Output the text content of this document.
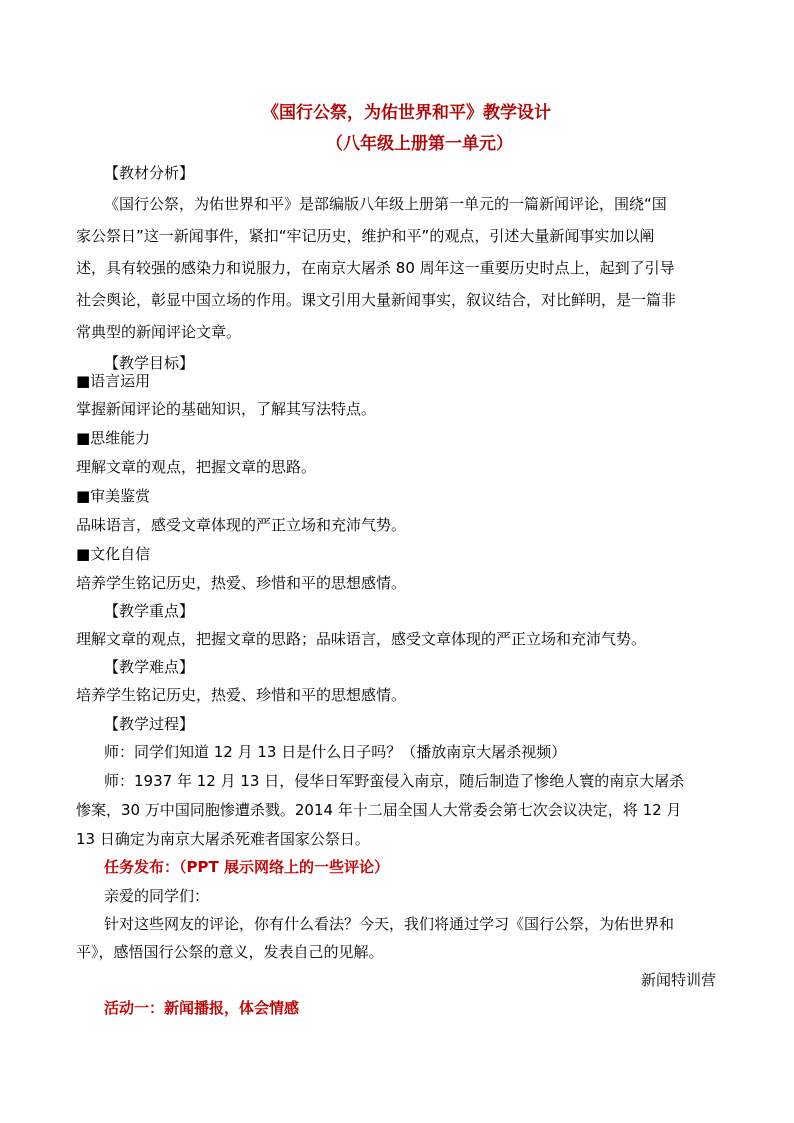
《国行公祭，为佑世界和平》教学设计
（八年级上册第一单元）
【教材分析】
《国行公祭，为佑世界和平》是部编版八年级上册第一单元的一篇新闻评论，围绕“国
家公祭日”这一新闻事件，紧扣“牢记历史，维护和平”的观点，引述大量新闻事实加以阐
述，具有较强的感染力和说服力，在南京大屠杀 80 周年这一重要历史时点上，起到了引导
社会舆论，彰显中国立场的作用。课文引用大量新闻事实，叙议结合，对比鲜明，是一篇非
常典型的新闻评论文章。
【教学目标】
■语言运用
掌握新闻评论的基础知识，了解其写法特点。
■思维能力
理解文章的观点，把握文章的思路。
■审美鉴赏
品味语言，感受文章体现的严正立场和充沛气势。
■文化自信
培养学生铭记历史，热爱、珍惜和平的思想感情。
【教学重点】
理解文章的观点，把握文章的思路；品味语言，感受文章体现的严正立场和充沛气势。
【教学难点】
培养学生铭记历史，热爱、珍惜和平的思想感情。
【教学过程】
师：同学们知道 12 月 13 日是什么日子吗？（播放南京大屠杀视频）
师：1937 年 12 月 13 日，侵华日军野蛮侵入南京，随后制造了惨绝人寰的南京大屠杀
惨案，30 万中国同胞惨遭杀戮。2014 年十二届全国人大常委会第七次会议决定，将 12 月
13 日确定为南京大屠杀死难者国家公祭日。
任务发布：（PPT 展示网络上的一些评论）
亲爱的同学们：
针对这些网友的评论，你有什么看法？今天，我们将通过学习《国行公祭，为佑世界和
平》，感悟国行公祭的意义，发表自己的见解。
新闻特训营
活动一：新闻播报，体会情感
